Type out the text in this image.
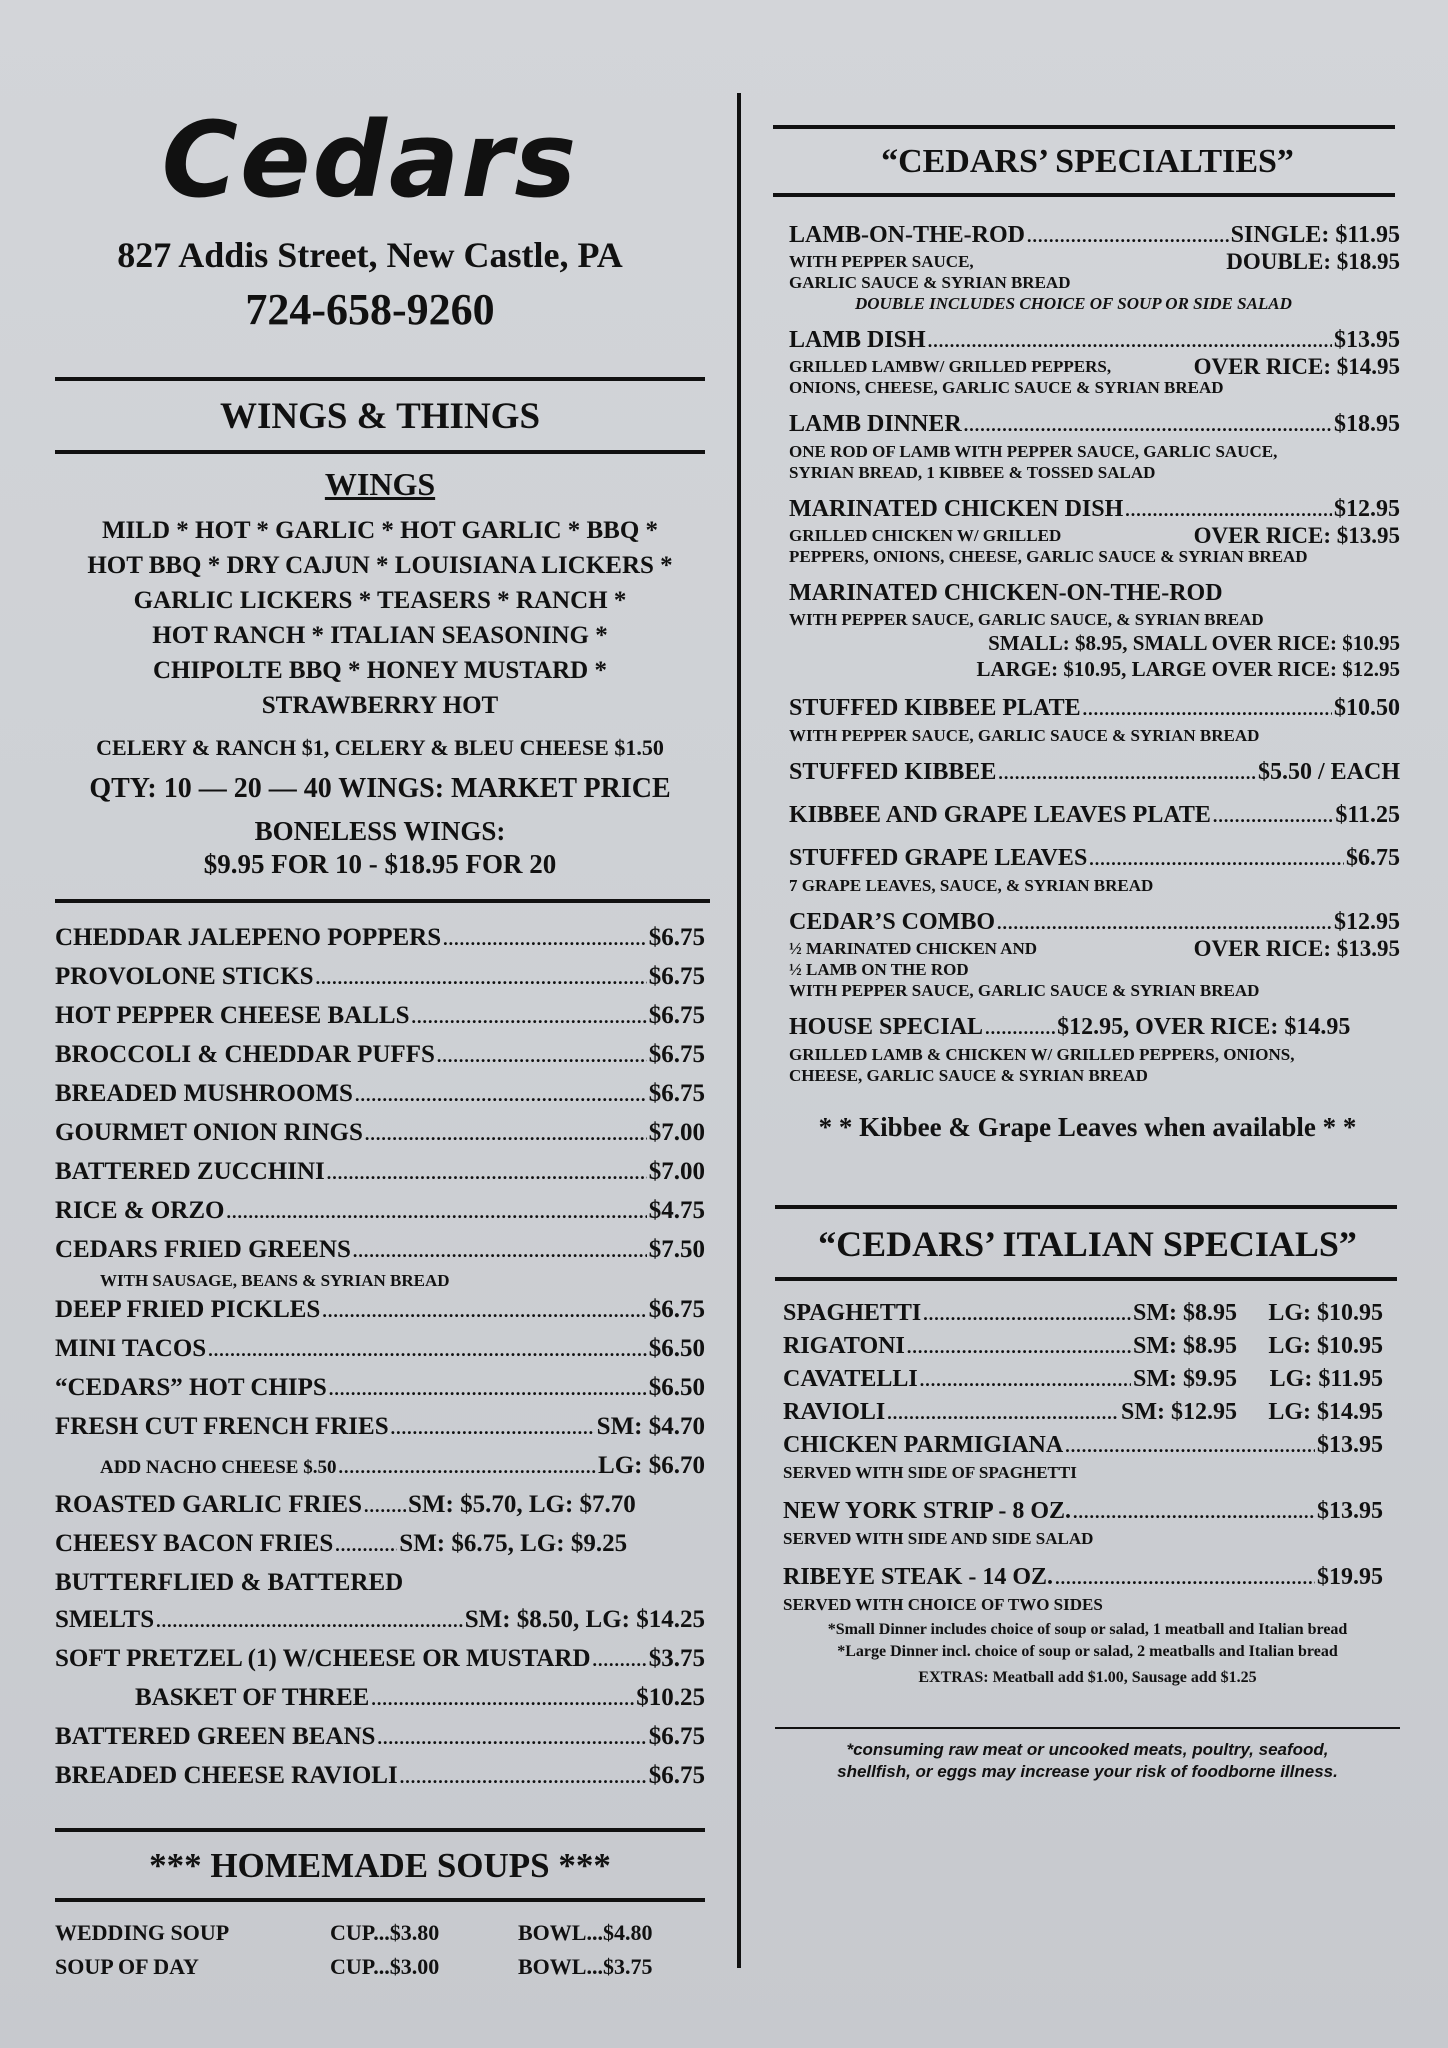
Cedars
827 Addis Street, New Castle, PA
724-658-9260
WINGS & THINGS
WINGS
MILD * HOT * GARLIC * HOT GARLIC * BBQ *
HOT BBQ * DRY CAJUN * LOUISIANA LICKERS *
GARLIC LICKERS * TEASERS * RANCH *
HOT RANCH * ITALIAN SEASONING *
CHIPOLTE BBQ * HONEY MUSTARD *
STRAWBERRY HOT
CELERY & RANCH $1, CELERY & BLEU CHEESE $1.50
QTY: 10 — 20 — 40 WINGS: MARKET PRICE
BONELESS WINGS:
$9.95 FOR 10 - $18.95 FOR 20
CHEDDAR JALEPENO POPPERS .....	$6.75
PROVOLONE STICKS .....	$6.75
HOT PEPPER CHEESE BALLS .....	$6.75
BROCCOLI & CHEDDAR PUFFS .....	$6.75
BREADED MUSHROOMS .....	$6.75
GOURMET ONION RINGS .....	$7.00
BATTERED ZUCCHINI .....	$7.00
RICE & ORZO .....	$4.75
CEDARS FRIED GREENS .....	$7.50
WITH SAUSAGE, BEANS & SYRIAN BREAD
DEEP FRIED PICKLES .....	$6.75
MINI TACOS .....	$6.50
“CEDARS” HOT CHIPS .....	$6.50
FRESH CUT FRENCH FRIES .....	SM: $4.70
ADD NACHO CHEESE $.50 .....	LG: $6.70
ROASTED GARLIC FRIES ..... SM: $5.70, LG: $7.70
CHEESY BACON FRIES .....	SM: $6.75, LG: $9.25
BUTTERFLIED & BATTERED
SMELTS .....	SM: $8.50, LG: $14.25
SOFT PRETZEL (1) W/CHEESE OR MUSTARD ..... $3.75
BASKET OF THREE .....	$10.25
BATTERED GREEN BEANS .....	$6.75
BREADED CHEESE RAVIOLI .....	$6.75
*** HOMEMADE SOUPS ***
WEDDING SOUP	CUP...$3.80	BOWL...$4.80
SOUP OF DAY	CUP...$3.00	BOWL...$3.75
“CEDARS’ SPECIALTIES”
LAMB-ON-THE-ROD .....	SINGLE: $11.95
WITH PEPPER SAUCE,	DOUBLE: $18.95
GARLIC SAUCE & SYRIAN BREAD
DOUBLE INCLUDES CHOICE OF SOUP OR SIDE SALAD
LAMB DISH .....	$13.95
GRILLED LAMBW/ GRILLED PEPPERS,	OVER RICE: $14.95
ONIONS, CHEESE, GARLIC SAUCE & SYRIAN BREAD
LAMB DINNER .....	$18.95
ONE ROD OF LAMB WITH PEPPER SAUCE, GARLIC SAUCE,
SYRIAN BREAD, 1 KIBBEE & TOSSED SALAD
MARINATED CHICKEN DISH .....	$12.95
GRILLED CHICKEN W/ GRILLED	OVER RICE: $13.95
PEPPERS, ONIONS, CHEESE, GARLIC SAUCE & SYRIAN BREAD
MARINATED CHICKEN-ON-THE-ROD
WITH PEPPER SAUCE, GARLIC SAUCE, & SYRIAN BREAD
SMALL: $8.95, SMALL OVER RICE: $10.95
LARGE: $10.95, LARGE OVER RICE: $12.95
STUFFED KIBBEE PLATE .....	$10.50
WITH PEPPER SAUCE, GARLIC SAUCE & SYRIAN BREAD
STUFFED KIBBEE .....	$5.50 / EACH
KIBBEE AND GRAPE LEAVES PLATE .....	$11.25
STUFFED GRAPE LEAVES .....	$6.75
7 GRAPE LEAVES, SAUCE, & SYRIAN BREAD
CEDAR’S COMBO .....	$12.95
½ MARINATED CHICKEN AND	OVER RICE: $13.95
½ LAMB ON THE ROD
WITH PEPPER SAUCE, GARLIC SAUCE & SYRIAN BREAD
HOUSE SPECIAL .....	$12.95, OVER RICE: $14.95
GRILLED LAMB & CHICKEN W/ GRILLED PEPPERS, ONIONS,
CHEESE, GARLIC SAUCE & SYRIAN BREAD
* * Kibbee & Grape Leaves when available * *
“CEDARS’ ITALIAN SPECIALS”
SPAGHETTI .....	SM: $8.95	LG: $10.95
RIGATONI .....	SM: $8.95	LG: $10.95
CAVATELLI .....	SM: $9.95	LG: $11.95
RAVIOLI .....	SM: $12.95	LG: $14.95
CHICKEN PARMIGIANA .....	$13.95
SERVED WITH SIDE OF SPAGHETTI
NEW YORK STRIP - 8 OZ. .....	$13.95
SERVED WITH SIDE AND SIDE SALAD
RIBEYE STEAK - 14 OZ. .....	$19.95
SERVED WITH CHOICE OF TWO SIDES
*Small Dinner includes choice of soup or salad, 1 meatball and Italian bread
*Large Dinner incl. choice of soup or salad, 2 meatballs and Italian bread
EXTRAS: Meatball add $1.00, Sausage add $1.25
*consuming raw meat or uncooked meats, poultry, seafood,
shellfish, or eggs may increase your risk of foodborne illness.
